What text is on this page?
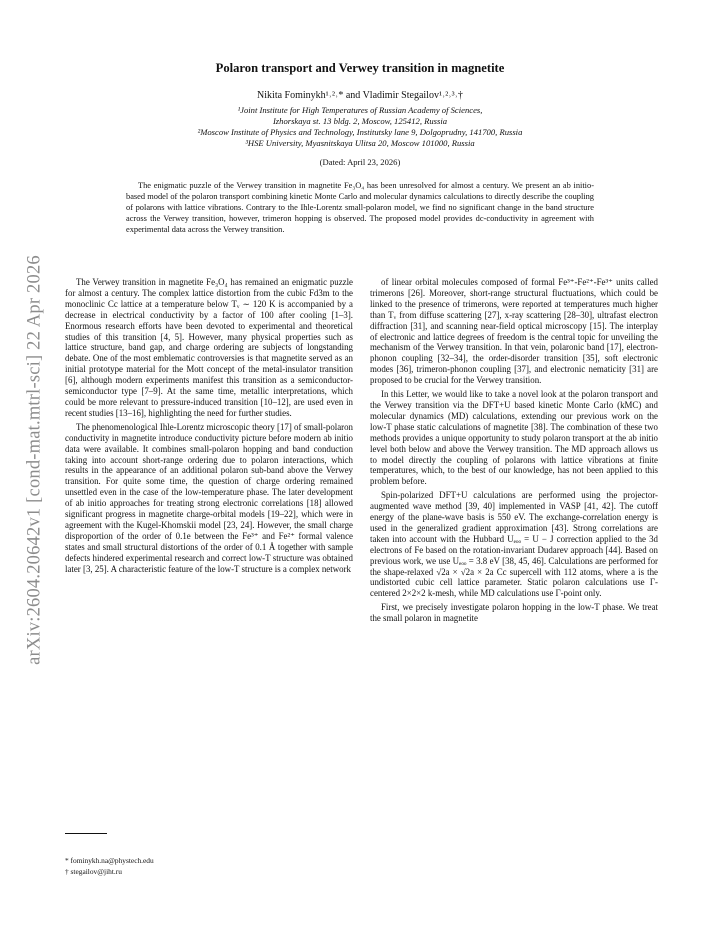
arXiv:2604.20642v1 [cond-mat.mtrl-sci] 22 Apr 2026
Polaron transport and Verwey transition in magnetite
Nikita Fominykh¹˒²˒* and Vladimir Stegailov¹˒²˒³˒†
¹Joint Institute for High Temperatures of Russian Academy of Sciences,
Izhorskaya st. 13 bldg. 2, Moscow, 125412, Russia
²Moscow Institute of Physics and Technology, Institutsky lane 9, Dolgoprudny, 141700, Russia
³HSE University, Myasnitskaya Ulitsa 20, Moscow 101000, Russia
(Dated: April 23, 2026)
The enigmatic puzzle of the Verwey transition in magnetite Fe₃O₄ has been unresolved for almost a century. We present an ab initio-based model of the polaron transport combining kinetic Monte Carlo and molecular dynamics calculations to directly describe the coupling of polarons with lattice vibrations. Contrary to the Ihle-Lorentz small-polaron model, we find no significant change in the band structure across the Verwey transition, however, trimeron hopping is observed. The proposed model provides dc-conductivity in agreement with experimental data across the Verwey transition.

The Verwey transition in magnetite Fe₃O₄ has remained an enigmatic puzzle for almost a century. The complex lattice distortion from the cubic Fd3m to the monoclinic Cc lattice at a temperature below Tᵥ ∼ 120 K is accompanied by a decrease in electrical conductivity by a factor of 100 after cooling [1–3]. Enormous research efforts have been devoted to experimental and theoretical studies of this transition [4, 5]. However, many physical properties such as lattice structure, band gap, and charge ordering are subjects of longstanding debate. One of the most emblematic controversies is that magnetite served as an initial prototype material for the Mott concept of the metal-insulator transition [6], although modern experiments manifest this transition as a semiconductor-semiconductor type [7–9]. At the same time, metallic interpretations, which could be more relevant to pressure-induced transition [10–12], are used even in recent studies [13–16], highlighting the need for further studies.

The phenomenological Ihle-Lorentz microscopic theory [17] of small-polaron conductivity in magnetite introduce conductivity picture before modern ab initio data were available. It combines small-polaron hopping and band conduction taking into account short-range ordering due to polaron interactions, which results in the appearance of an additional polaron sub-band above the Verwey transition. For quite some time, the question of charge ordering remained unsettled even in the case of the low-temperature phase. The later development of ab initio approaches for treating strong electronic correlations [18] allowed significant progress in magnetite charge-orbital models [19–22], which were in agreement with the Kugel-Khomskii model [23, 24]. However, the small charge disproportion of the order of 0.1e between the Fe³⁺ and Fe²⁺ formal valence states and small structural distortions of the order of 0.1 Å together with sample defects hindered experimental research and correct low-T structure was obtained later [3, 25]. A characteristic feature of the low-T structure is a complex network

of linear orbital molecules composed of formal Fe³⁺-Fe²⁺-Fe³⁺ units called trimerons [26]. Moreover, short-range structural fluctuations, which could be linked to the presence of trimerons, were reported at temperatures much higher than Tᵥ from diffuse scattering [27], x-ray scattering [28–30], ultrafast electron diffraction [31], and scanning near-field optical microscopy [15]. The interplay of electronic and lattice degrees of freedom is the central topic for unveiling the mechanism of the Verwey transition. In that vein, polaronic band [17], electron-phonon coupling [32–34], the order-disorder transition [35], soft electronic modes [36], trimeron-phonon coupling [37], and electronic nematicity [31] are proposed to be crucial for the Verwey transition.

In this Letter, we would like to take a novel look at the polaron transport and the Verwey transition via the DFT+U based kinetic Monte Carlo (kMC) and molecular dynamics (MD) calculations, extending our previous work on the low-T phase static calculations of magnetite [38]. The combination of these two methods provides a unique opportunity to study polaron transport at the ab initio level both below and above the Verwey transition. The MD approach allows us to model directly the coupling of polarons with lattice vibrations at finite temperatures, which, to the best of our knowledge, has not been applied to this problem before.

Spin-polarized DFT+U calculations are performed using the projector-augmented wave method [39, 40] implemented in VASP [41, 42]. The cutoff energy of the plane-wave basis is 550 eV. The exchange-correlation energy is used in the generalized gradient approximation [43]. Strong correlations are taken into account with the Hubbard Uₑₒₒ = U − J correction applied to the 3d electrons of Fe based on the rotation-invariant Dudarev approach [44]. Based on previous work, we use Uₑₒₒ = 3.8 eV [38, 45, 46]. Calculations are performed for the shape-relaxed √2a × √2a × 2a Cc supercell with 112 atoms, where a is the undistorted cubic cell lattice parameter. Static polaron calculations use Γ-centered 2×2×2 k-mesh, while MD calculations use Γ-point only.

First, we precisely investigate polaron hopping in the low-T phase. We treat the small polaron in magnetite

* fominykh.na@phystech.edu
† stegailov@jiht.ru
